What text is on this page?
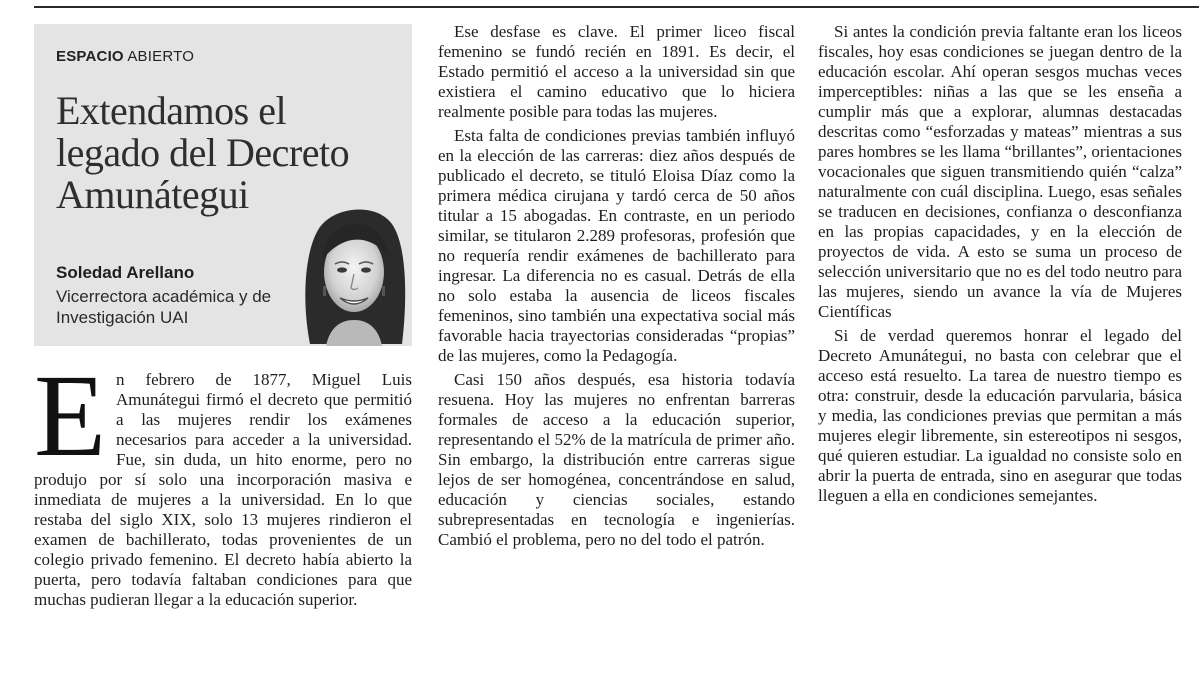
ESPACIO ABIERTO
Extendamos el legado del Decreto Amunátegui
Soledad Arellano
Vicerrectora académica y de Investigación UAI
E n febrero de 1877, Miguel Luis Amunátegui firmó el decreto que permitió a las mujeres rendir los exámenes necesarios para acceder a la universidad. Fue, sin duda, un hito enorme, pero no produjo por sí solo una incorporación masiva e inmediata de mujeres a la universidad. En lo que restaba del siglo XIX, solo 13 mujeres rindieron el examen de bachillerato, todas provenientes de un colegio privado femenino. El decreto había abierto la puerta, pero todavía faltaban condiciones para que muchas pudieran llegar a la educación superior.

Ese desfase es clave. El primer liceo fiscal femenino se fundó recién en 1891. Es decir, el Estado permitió el acceso a la universidad sin que existiera el camino educativo que lo hiciera realmente posible para todas las mujeres.

Esta falta de condiciones previas también influyó en la elección de las carreras: diez años después de publicado el decreto, se tituló Eloisa Díaz como la primera médica cirujana y tardó cerca de 50 años titular a 15 abogadas. En contraste, en un periodo similar, se titularon 2.289 profesoras, profesión que no requería rendir exámenes de bachillerato para ingresar. La diferencia no es casual. Detrás de ella no solo estaba la ausencia de liceos fiscales femeninos, sino también una expectativa social más favorable hacia trayectorias consideradas “propias” de las mujeres, como la Pedagogía.

Casi 150 años después, esa historia todavía resuena. Hoy las mujeres no enfrentan barreras formales de acceso a la educación superior, representando el 52% de la matrícula de primer año. Sin embargo, la distribución entre carreras sigue lejos de ser homogénea, concentrándose en salud, educación y ciencias sociales, estando subrepresentadas en tecnología e ingenierías. Cambió el problema, pero no del todo el patrón.

Si antes la condición previa faltante eran los liceos fiscales, hoy esas condiciones se juegan dentro de la educación escolar. Ahí operan sesgos muchas veces imperceptibles: niñas a las que se les enseña a cumplir más que a explorar, alumnas destacadas descritas como “esforzadas y mateas” mientras a sus pares hombres se les llama “brillantes”, orientaciones vocacionales que siguen transmitiendo quién “calza” naturalmente con cuál disciplina. Luego, esas señales se traducen en decisiones, confianza o desconfianza en las propias capacidades, y en la elección de proyectos de vida. A esto se suma un proceso de selección universitario que no es del todo neutro para las mujeres, siendo un avance la vía de Mujeres Científicas

Si de verdad queremos honrar el legado del Decreto Amunátegui, no basta con celebrar que el acceso está resuelto. La tarea de nuestro tiempo es otra: construir, desde la educación parvularia, básica y media, las condiciones previas que permitan a más mujeres elegir libremente, sin estereotipos ni sesgos, qué quieren estudiar. La igualdad no consiste solo en abrir la puerta de entrada, sino en asegurar que todas lleguen a ella en condiciones semejantes.
